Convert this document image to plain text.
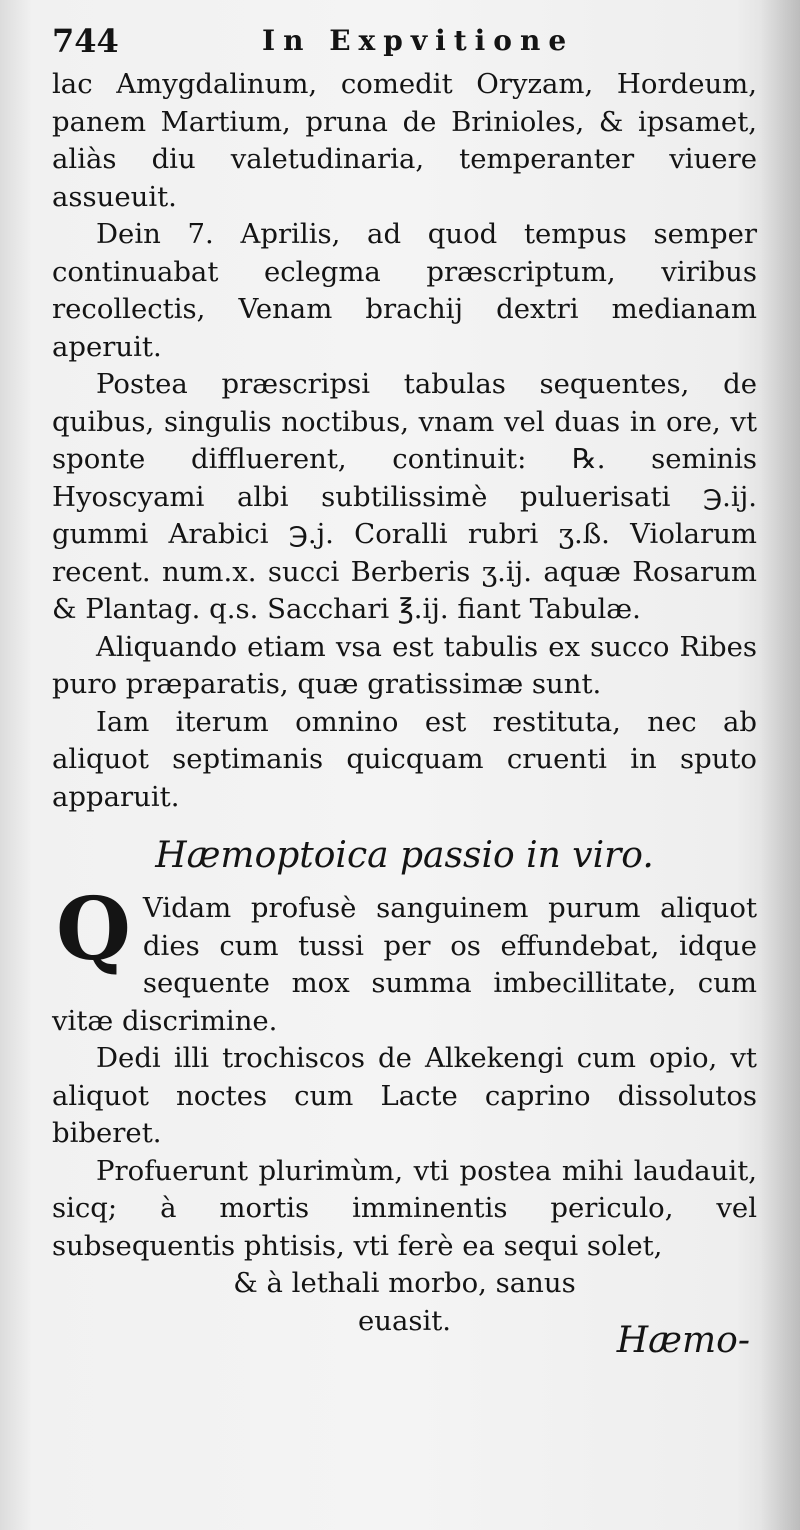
744	In Expvitione

lac Amygdalinum, comedit Oryzam, Hordeum, panem Martium, pruna de Brinioles, & ipsamet, aliàs diu valetudinaria, temperanter viuere assueuit.

Dein 7. Aprilis, ad quod tempus semper continuabat eclegma præscriptum, viribus recollectis, Venam brachij dextri medianam aperuit.

Postea præscripsi tabulas sequentes, de quibus, singulis noctibus, vnam vel duas in ore, vt sponte diffluerent, continuit: ℞. seminis Hyoscyami albi subtilissimè puluerisati ℈.ij. gummi Arabici ℈.j. Coralli rubri ʒ.ß. Violarum recent. num.x. succi Berberis ʒ.ij. aquæ Rosarum & Plantag. q.s. Sacchari ℥.ij. fiant Tabulæ.

Aliquando etiam vsa est tabulis ex succo Ribes puro præparatis, quæ gratissimæ sunt.

Iam iterum omnino est restituta, nec ab aliquot septimanis quicquam cruenti in sputo apparuit.

Hæmoptoica passio in viro.

Q Vidam profusè sanguinem purum aliquot dies cum tussi per os effundebat, idque sequente mox summa imbecillitate, cum vitæ discrimine.

Dedi illi trochiscos de Alkekengi cum opio, vt aliquot noctes cum Lacte caprino dissolutos biberet.

Profuerunt plurimùm, vti postea mihi laudauit, sicq; à mortis imminentis periculo, vel subsequentis phtisis, vti ferè ea sequi solet,

& à lethali morbo, sanus

euasit.	Hæmo-
